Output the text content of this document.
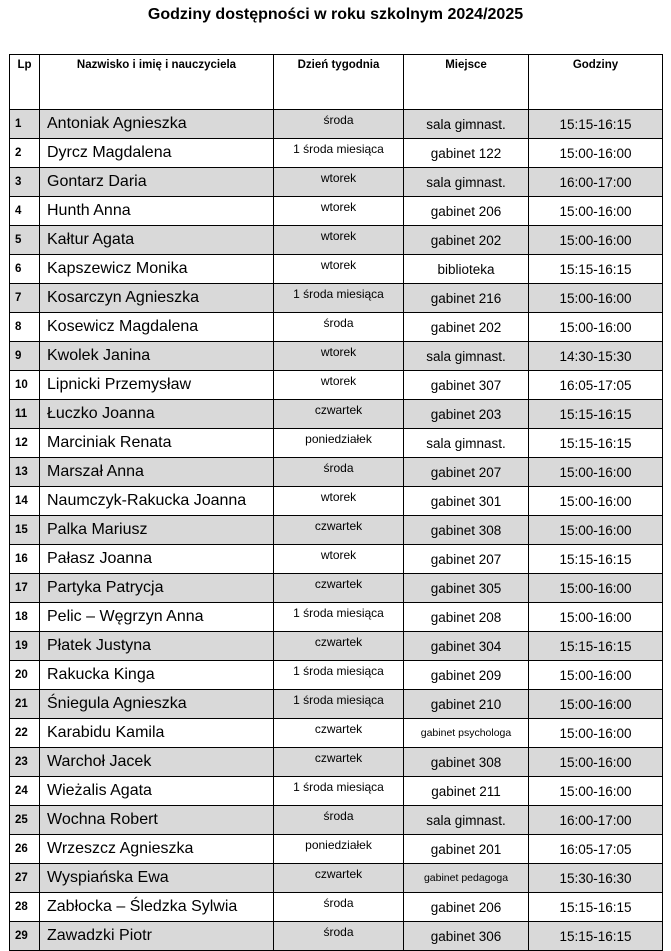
Godziny dostępności w roku szkolnym 2024/2025
Lp	Nazwisko i imię i nauczyciela	Dzień tygodnia	Miejsce	Godziny
1	Antoniak Agnieszka	środa	sala gimnast.	15:15-16:15
2	Dyrcz Magdalena	1 środa miesiąca	gabinet 122	15:00-16:00
3	Gontarz Daria	wtorek	sala gimnast.	16:00-17:00
4	Hunth Anna	wtorek	gabinet 206	15:00-16:00
5	Kałtur Agata	wtorek	gabinet 202	15:00-16:00
6	Kapszewicz Monika	wtorek	biblioteka	15:15-16:15
7	Kosarczyn Agnieszka	1 środa miesiąca	gabinet 216	15:00-16:00
8	Kosewicz Magdalena	środa	gabinet 202	15:00-16:00
9	Kwolek Janina	wtorek	sala gimnast.	14:30-15:30
10	Lipnicki Przemysław	wtorek	gabinet 307	16:05-17:05
11	Łuczko Joanna	czwartek	gabinet 203	15:15-16:15
12	Marciniak Renata	poniedziałek	sala gimnast.	15:15-16:15
13	Marszał Anna	środa	gabinet 207	15:00-16:00
14	Naumczyk-Rakucka Joanna	wtorek	gabinet 301	15:00-16:00
15	Palka Mariusz	czwartek	gabinet 308	15:00-16:00
16	Pałasz Joanna	wtorek	gabinet 207	15:15-16:15
17	Partyka Patrycja	czwartek	gabinet 305	15:00-16:00
18	Pelic – Węgrzyn Anna	1 środa miesiąca	gabinet 208	15:00-16:00
19	Płatek Justyna	czwartek	gabinet 304	15:15-16:15
20	Rakucka Kinga	1 środa miesiąca	gabinet 209	15:00-16:00
21	Śniegula Agnieszka	1 środa miesiąca	gabinet 210	15:00-16:00
22	Karabidu Kamila	czwartek	gabinet psychologa	15:00-16:00
23	Warchoł Jacek	czwartek	gabinet 308	15:00-16:00
24	Wieżalis Agata	1 środa miesiąca	gabinet 211	15:00-16:00
25	Wochna Robert	środa	sala gimnast.	16:00-17:00
26	Wrzeszcz Agnieszka	poniedziałek	gabinet 201	16:05-17:05
27	Wyspiańska Ewa	czwartek	gabinet pedagoga	15:30-16:30
28	Zabłocka – Śledzka Sylwia	środa	gabinet 206	15:15-16:15
29	Zawadzki Piotr	środa	gabinet 306	15:15-16:15
